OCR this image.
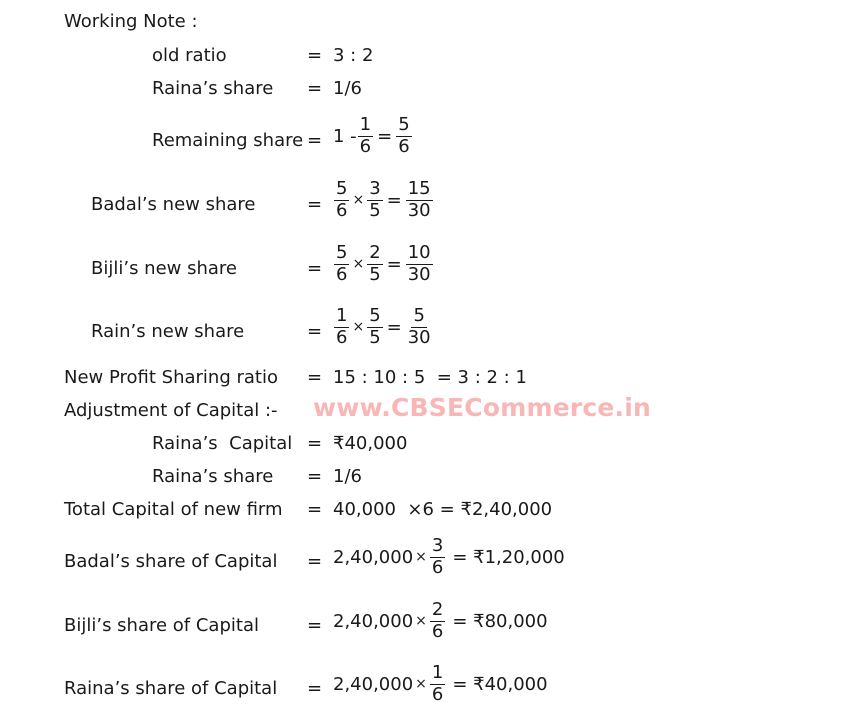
www.CBSECommerce.in
Working Note :
old ratio	= 3 : 2
Raina’s share = 1/6
Remaining share = $1 - \frac{1}{6} = \frac{5}{6}$
Badal’s new share	= $\frac{5}{6} \times \frac{3}{5} = \frac{15}{30}$
Bijli’s new share	= $\frac{5}{6} \times \frac{2}{5} = \frac{10}{30}$
Rain’s new share	= $\frac{1}{6} \times \frac{5}{5} = \frac{5}{30}$
New Profit Sharing ratio = 15 : 10 : 5  = 3 : 2 : 1
Adjustment of Capital :-
Raina’s  Capital = ₹40,000
Raina’s share = 1/6
Total Capital of new firm = 40,000  ×6 = ₹2,40,000
Badal’s share of Capital = $2,40,000 \times \frac{3}{6}$ = ₹1,20,000
Bijli’s share of Capital	= $2,40,000 \times \frac{2}{6}$ = ₹80,000
Raina’s share of Capital = $2,40,000 \times \frac{1}{6}$ = ₹40,000
